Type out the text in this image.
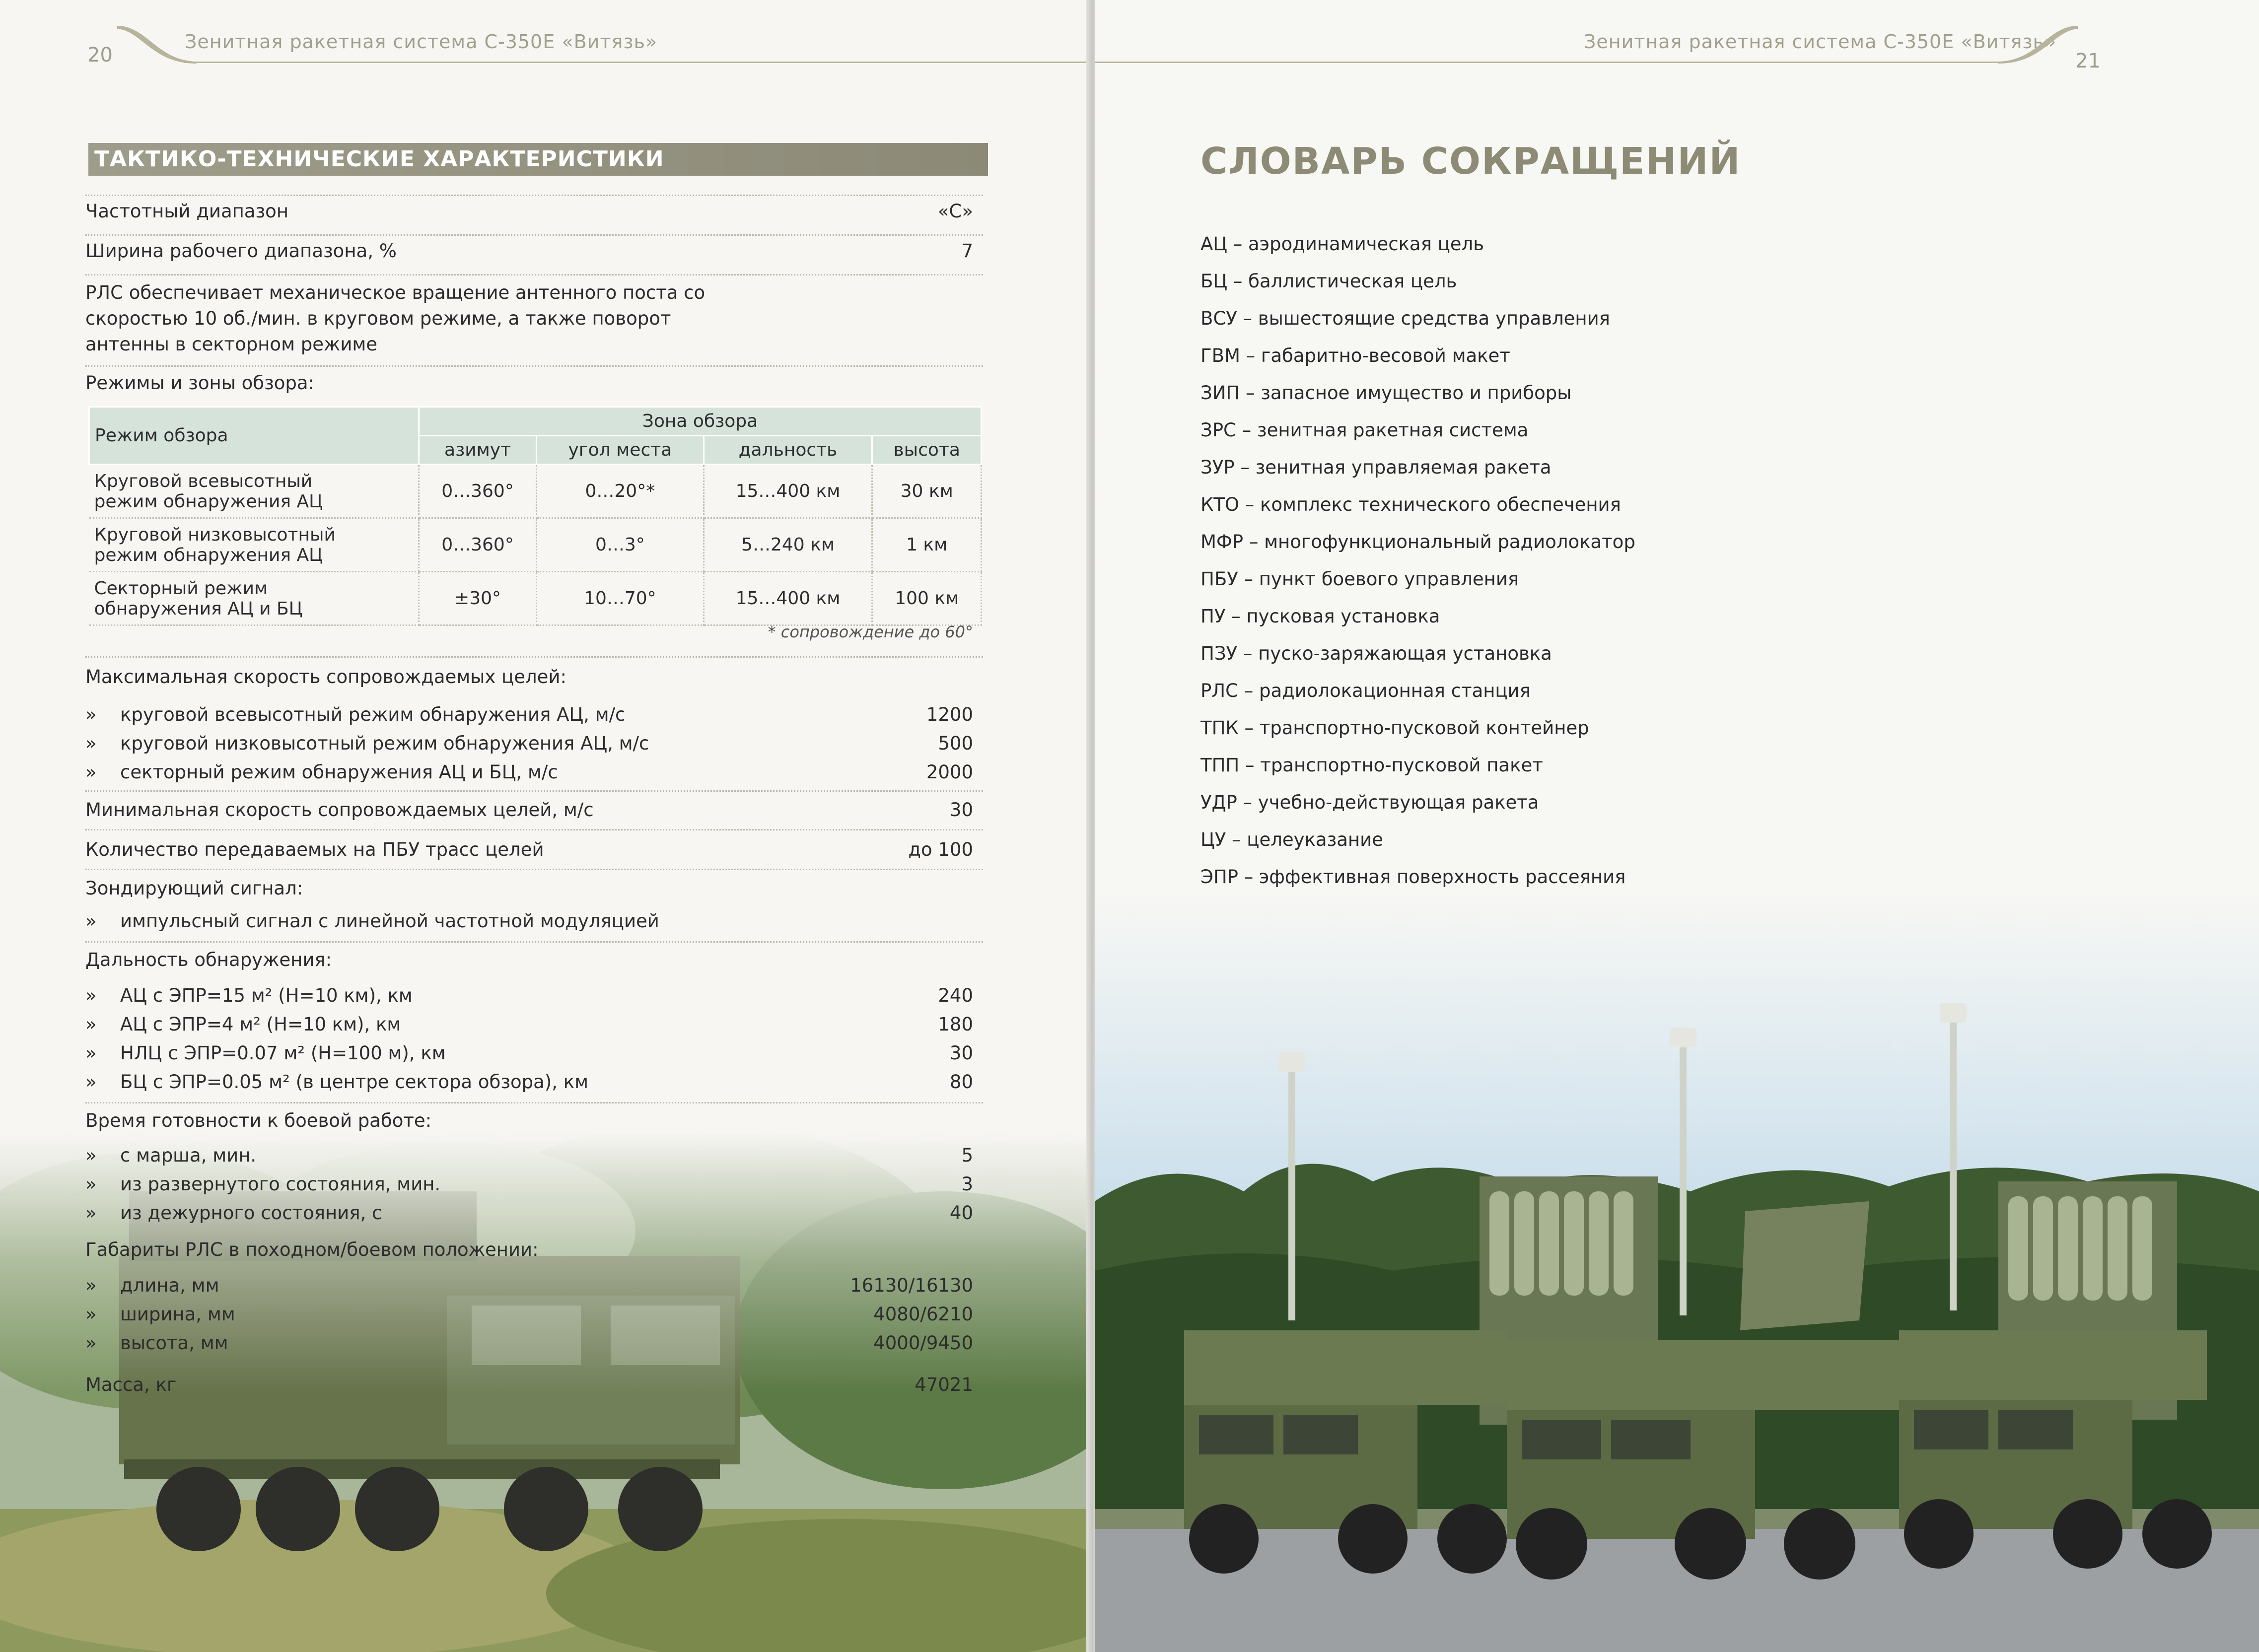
20
Зенитная ракетная система С-350Е «Витязь»
ТАКТИКО-ТЕХНИЧЕСКИЕ ХАРАКТЕРИСТИКИ
Частотный диапазон	«С»
Ширина рабочего диапазона, %	7
РЛС обеспечивает механическое вращение антенного поста со
скоростью 10 об./мин. в круговом режиме, а также поворот
антенны в секторном режиме
Режимы и зоны обзора:
Режим обзора	Зона обзора			
	азимут	угол места	дальность	высота
Круговой всевысотный
режим обнаружения АЦ	0…360°	0…20°*	15…400 км	30 км
Круговой низковысотный
режим обнаружения АЦ	0…360°	0…3°	5…240 км	1 км
Секторный режим
обнаружения АЦ и БЦ	±30°	10…70°	15…400 км	100 км
* сопровождение до 60°
Максимальная скорость сопровождаемых целей:
» круговой всевысотный режим обнаружения АЦ, м/с	1200
» круговой низковысотный режим обнаружения АЦ, м/с	500
» секторный режим обнаружения АЦ и БЦ, м/с	2000
Минимальная скорость сопровождаемых целей, м/с	30
Количество передаваемых на ПБУ трасс целей	до 100
Зондирующий сигнал:
» импульсный сигнал с линейной частотной модуляцией
Дальность обнаружения:
» АЦ с ЭПР=15 м² (Н=10 км), км	240
» АЦ с ЭПР=4 м² (Н=10 км), км	180
» НЛЦ с ЭПР=0.07 м² (Н=100 м), км	30
» БЦ с ЭПР=0.05 м² (в центре сектора обзора), км	80
Время готовности к боевой работе:
» с марша, мин.	5
» из развернутого состояния, мин.	3
» из дежурного состояния, с	40
Габариты РЛС в походном/боевом положении:
» длина, мм	16130/16130
» ширина, мм	4080/6210
» высота, мм	4000/9450
Масса, кг	47021
Зенитная ракетная система С-350Е «Витязь»
21
СЛОВАРЬ СОКРАЩЕНИЙ
АЦ – аэродинамическая цель
БЦ – баллистическая цель
ВСУ – вышестоящие средства управления
ГВМ – габаритно-весовой макет
ЗИП – запасное имущество и приборы
ЗРС – зенитная ракетная система
ЗУР – зенитная управляемая ракета
КТО – комплекс технического обеспечения
МФР – многофункциональный радиолокатор
ПБУ – пункт боевого управления
ПУ – пусковая установка
ПЗУ – пуско-заряжающая установка
РЛС – радиолокационная станция
ТПК – транспортно-пусковой контейнер
ТПП – транспортно-пусковой пакет
УДР – учебно-действующая ракета
ЦУ – целеуказание
ЭПР – эффективная поверхность рассеяния
